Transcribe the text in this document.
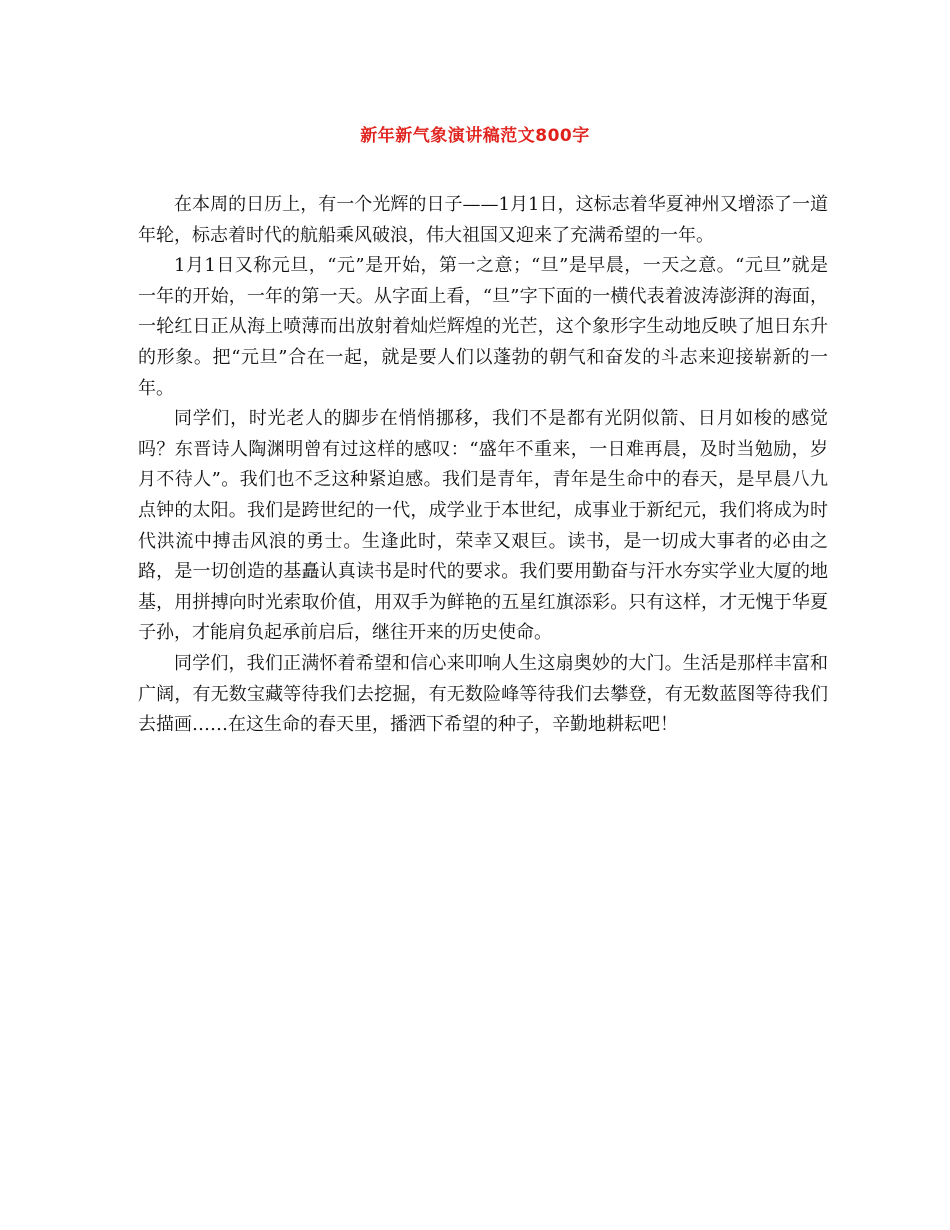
新年新气象演讲稿范文800字

在本周的日历上，有一个光辉的日子——1月1日，这标志着华夏神州又增添了一道年轮，标志着时代的航船乘风破浪，伟大祖国又迎来了充满希望的一年。

1月1日又称元旦，“元”是开始，第一之意；“旦”是早晨，一天之意。“元旦”就是一年的开始，一年的第一天。从字面上看，“旦”字下面的一横代表着波涛澎湃的海面，一轮红日正从海上喷薄而出放射着灿烂辉煌的光芒，这个象形字生动地反映了旭日东升的形象。把“元旦”合在一起，就是要人们以蓬勃的朝气和奋发的斗志来迎接崭新的一年。

同学们，时光老人的脚步在悄悄挪移，我们不是都有光阴似箭、日月如梭的感觉吗？东晋诗人陶渊明曾有过这样的感叹：“盛年不重来，一日难再晨，及时当勉励，岁月不待人”。我们也不乏这种紧迫感。我们是青年，青年是生命中的春天，是早晨八九点钟的太阳。我们是跨世纪的一代，成学业于本世纪，成事业于新纪元，我们将成为时代洪流中搏击风浪的勇士。生逢此时，荣幸又艰巨。读书，是一切成大事者的必由之路，是一切创造的基矗认真读书是时代的要求。我们要用勤奋与汗水夯实学业大厦的地基，用拼搏向时光索取价值，用双手为鲜艳的五星红旗添彩。只有这样，才无愧于华夏子孙，才能肩负起承前启后，继往开来的历史使命。

同学们，我们正满怀着希望和信心来叩响人生这扇奥妙的大门。生活是那样丰富和广阔，有无数宝藏等待我们去挖掘，有无数险峰等待我们去攀登，有无数蓝图等待我们去描画……在这生命的春天里，播洒下希望的种子，辛勤地耕耘吧！
